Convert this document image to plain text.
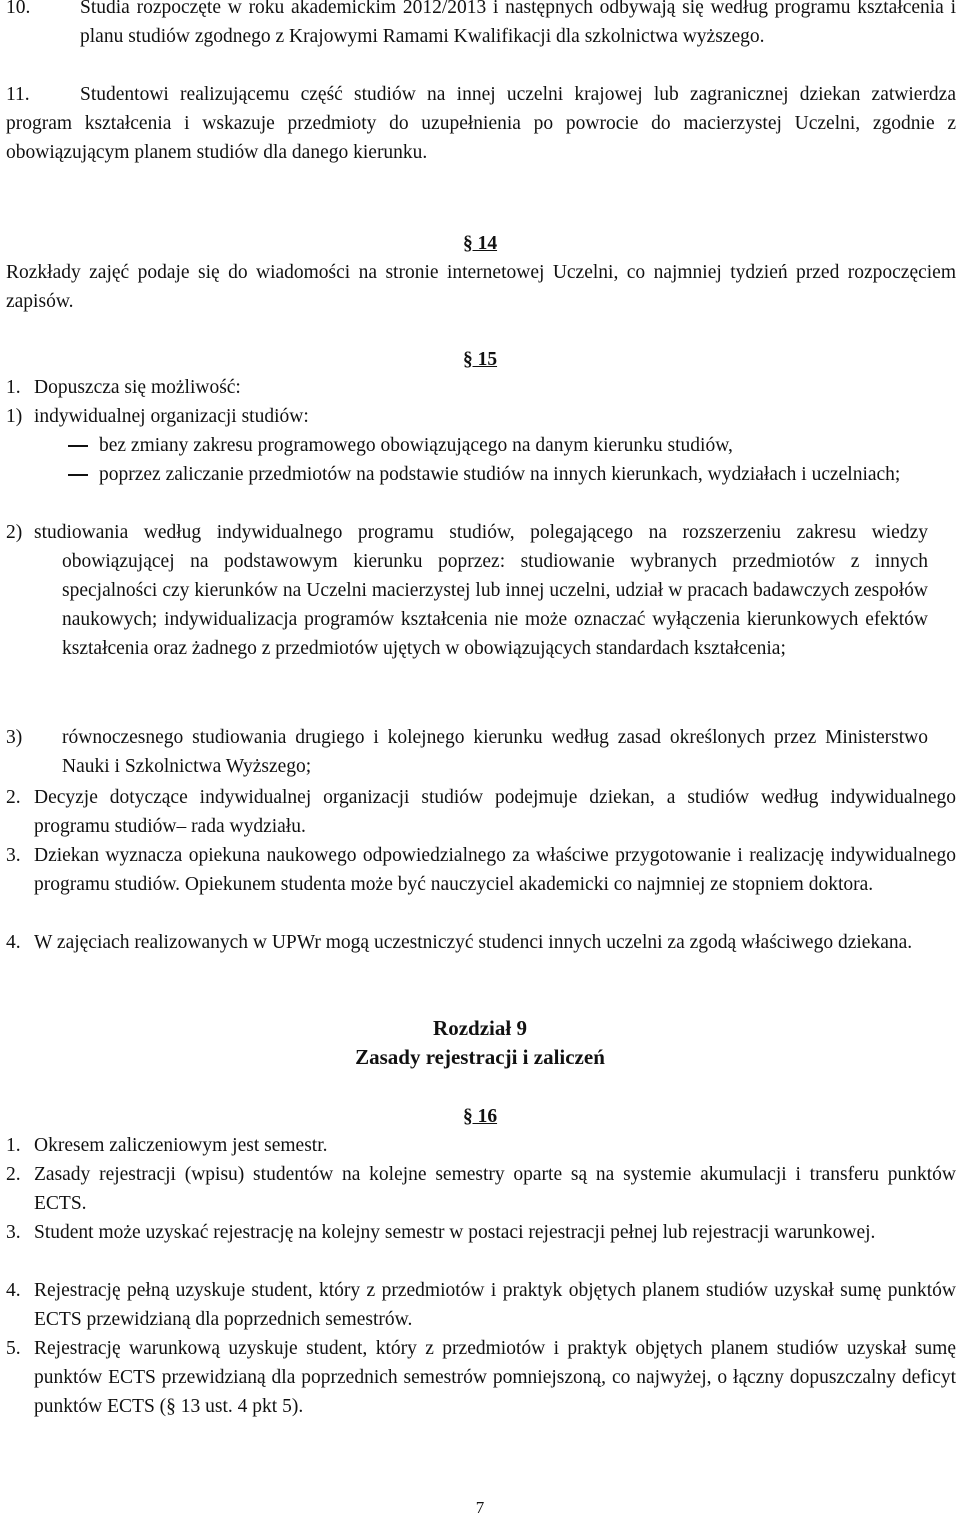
10.	Studia rozpoczęte w roku akademickim 2012/2013 i następnych odbywają się według programu kształcenia i planu studiów zgodnego z Krajowymi Ramami Kwalifikacji dla szkolnictwa wyższego.

11.	Studentowi realizującemu część studiów na innej uczelni krajowej lub zagranicznej dziekan zatwierdza program kształcenia i wskazuje przedmioty do uzupełnienia po powrocie do macierzystej Uczelni, zgodnie z obowiązującym planem studiów dla danego kierunku.

§ 14

Rozkłady zajęć podaje się do wiadomości na stronie internetowej Uczelni, co najmniej tydzień przed rozpoczęciem zapisów.

§ 15
1. Dopuszcza się możliwość:

1) indywidualnej organizacji studiów:

bez zmiany zakresu programowego obowiązującego na danym kierunku studiów,

poprzez zaliczanie przedmiotów na podstawie studiów na innych kierunkach, wydziałach i uczelniach;

2) studiowania według indywidualnego programu studiów, polegającego na rozszerzeniu zakresu wiedzy obowiązującej na podstawowym kierunku poprzez: studiowanie wybranych przedmiotów z innych specjalności czy kierunków na Uczelni macierzystej lub innej uczelni, udział w pracach badawczych zespołów naukowych; indywidualizacja programów kształcenia nie może oznaczać wyłączenia kierunkowych efektów kształcenia oraz żadnego z przedmiotów ujętych w obowiązujących standardach kształcenia;

3) równoczesnego studiowania drugiego i kolejnego kierunku według zasad określonych przez Ministerstwo Nauki i Szkolnictwa Wyższego;

2. Decyzje dotyczące indywidualnej organizacji studiów podejmuje dziekan, a studiów według indywidualnego programu studiów– rada wydziału.

3. Dziekan wyznacza opiekuna naukowego odpowiedzialnego za właściwe przygotowanie i realizację indywidualnego programu studiów. Opiekunem studenta może być nauczyciel akademicki co najmniej ze stopniem doktora.

4. W zajęciach realizowanych w UPWr mogą uczestniczyć studenci innych uczelni za zgodą właściwego dziekana.

Rozdział 9
Zasady rejestracji i zaliczeń
§ 16
1. Okresem zaliczeniowym jest semestr.

2. Zasady rejestracji (wpisu) studentów na kolejne semestry oparte są na systemie akumulacji i transferu punktów ECTS.

3. Student może uzyskać rejestrację na kolejny semestr w postaci rejestracji pełnej lub rejestracji warunkowej.

4. Rejestrację pełną uzyskuje student, który z przedmiotów i praktyk objętych planem studiów uzyskał sumę punktów ECTS przewidzianą dla poprzednich semestrów.

5. Rejestrację warunkową uzyskuje student, który z przedmiotów i praktyk objętych planem studiów uzyskał sumę punktów ECTS przewidzianą dla poprzednich semestrów pomniejszoną, co najwyżej, o łączny dopuszczalny deficyt punktów ECTS (§ 13 ust. 4 pkt 5).

7
